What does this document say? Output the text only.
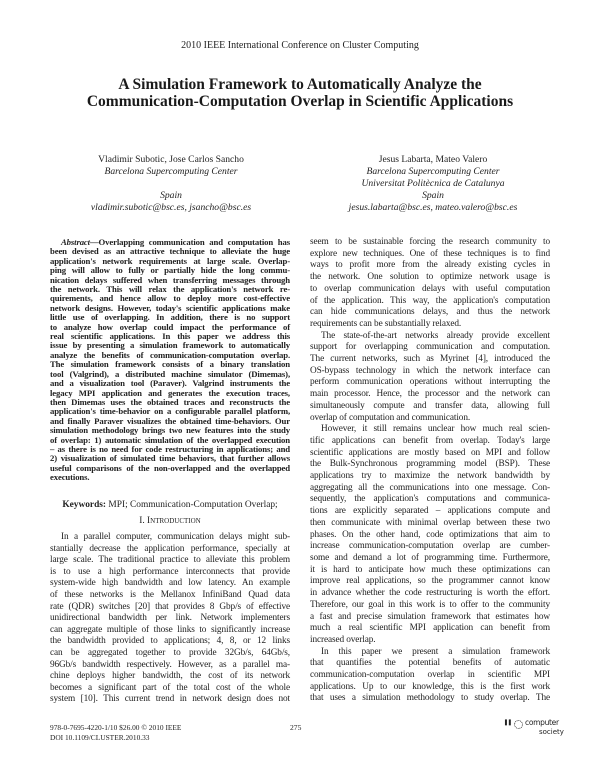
2010 IEEE International Conference on Cluster Computing
A Simulation Framework to Automatically Analyze the
Communication-Computation Overlap in Scientific Applications
Vladimir Subotic, Jose Carlos Sancho
Barcelona Supercomputing Center
Spain
vladimir.subotic@bsc.es, jsancho@bsc.es
Jesus Labarta, Mateo Valero
Barcelona Supercomputing Center
Universitat Politècnica de Catalunya
Spain
jesus.labarta@bsc.es, mateo.valero@bsc.es
Abstract—Overlapping communication and computation has
been devised as an attractive technique to alleviate the huge
application's network requirements at large scale. Overlap-
ping will allow to fully or partially hide the long commu-
nication delays suffered when transferring messages through
the network. This will relax the application's network re-
quirements, and hence allow to deploy more cost-effective
network designs. However, today's scientific applications make
little use of overlapping. In addition, there is no support
to analyze how overlap could impact the performance of
real scientific applications. In this paper we address this
issue by presenting a simulation framework to automatically
analyze the benefits of communication-computation overlap.
The simulation framework consists of a binary translation
tool (Valgrind), a distributed machine simulator (Dimemas),
and a visualization tool (Paraver). Valgrind instruments the
legacy MPI application and generates the execution traces,
then Dimemas uses the obtained traces and reconstructs the
application's time-behavior on a configurable parallel platform,
and finally Paraver visualizes the obtained time-behaviors. Our
simulation methodology brings two new features into the study
of overlap: 1) automatic simulation of the overlapped execution
– as there is no need for code restructuring in applications; and
2) visualization of simulated time behaviors, that further allows
useful comparisons of the non-overlapped and the overlapped
executions.
Keywords: MPI; Communication-Computation Overlap;
I. Introduction
In a parallel computer, communication delays might sub-
stantially decrease the application performance, specially at
large scale. The traditional practice to alleviate this problem
is to use a high performance interconnects that provide
system-wide high bandwidth and low latency. An example
of these networks is the Mellanox InfiniBand Quad data
rate (QDR) switches [20] that provides 8 Gbp/s of effective
unidirectional bandwidth per link. Network implementers
can aggregate multiple of those links to significantly increase
the bandwidth provided to applications; 4, 8, or 12 links
can be aggregated together to provide 32Gb/s, 64Gb/s,
96Gb/s bandwidth respectively. However, as a parallel ma-
chine deploys higher bandwidth, the cost of its network
becomes a significant part of the total cost of the whole
system [10]. This current trend in network design does not
seem to be sustainable forcing the research community to
explore new techniques. One of these techniques is to find
ways to profit more from the already existing cycles in
the network. One solution to optimize network usage is
to overlap communication delays with useful computation
of the application. This way, the application's computation
can hide communications delays, and thus the network
requirements can be substantially relaxed.
The state-of-the-art networks already provide excellent
support for overlapping communication and computation.
The current networks, such as Myrinet [4], introduced the
OS-bypass technology in which the network interface can
perform communication operations without interrupting the
main processor. Hence, the processor and the network can
simultaneously compute and transfer data, allowing full
overlap of computation and communication.
However, it still remains unclear how much real scien-
tific applications can benefit from overlap. Today's large
scientific applications are mostly based on MPI and follow
the Bulk-Synchronous programming model (BSP). These
applications try to maximize the network bandwidth by
aggregating all the communications into one message. Con-
sequently, the application's computations and communica-
tions are explicitly separated – applications compute and
then communicate with minimal overlap between these two
phases. On the other hand, code optimizations that aim to
increase communication-computation overlap are cumber-
some and demand a lot of programming time. Furthermore,
it is hard to anticipate how much these optimizations can
improve real applications, so the programmer cannot know
in advance whether the code restructuring is worth the effort.
Therefore, our goal in this work is to offer to the community
a fast and precise simulation framework that estimates how
much a real scientific MPI application can benefit from
increased overlap.
In this paper we present a simulation framework
that quantifies the potential benefits of automatic
communication-computation overlap in scientific MPI
applications. Up to our knowledge, this is the first work
that uses a simulation methodology to study overlap. The
978-0-7695-4220-1/10 $26.00 © 2010 IEEE
DOI 10.1109/CLUSTER.2010.33
275	▌▌ computer
society
